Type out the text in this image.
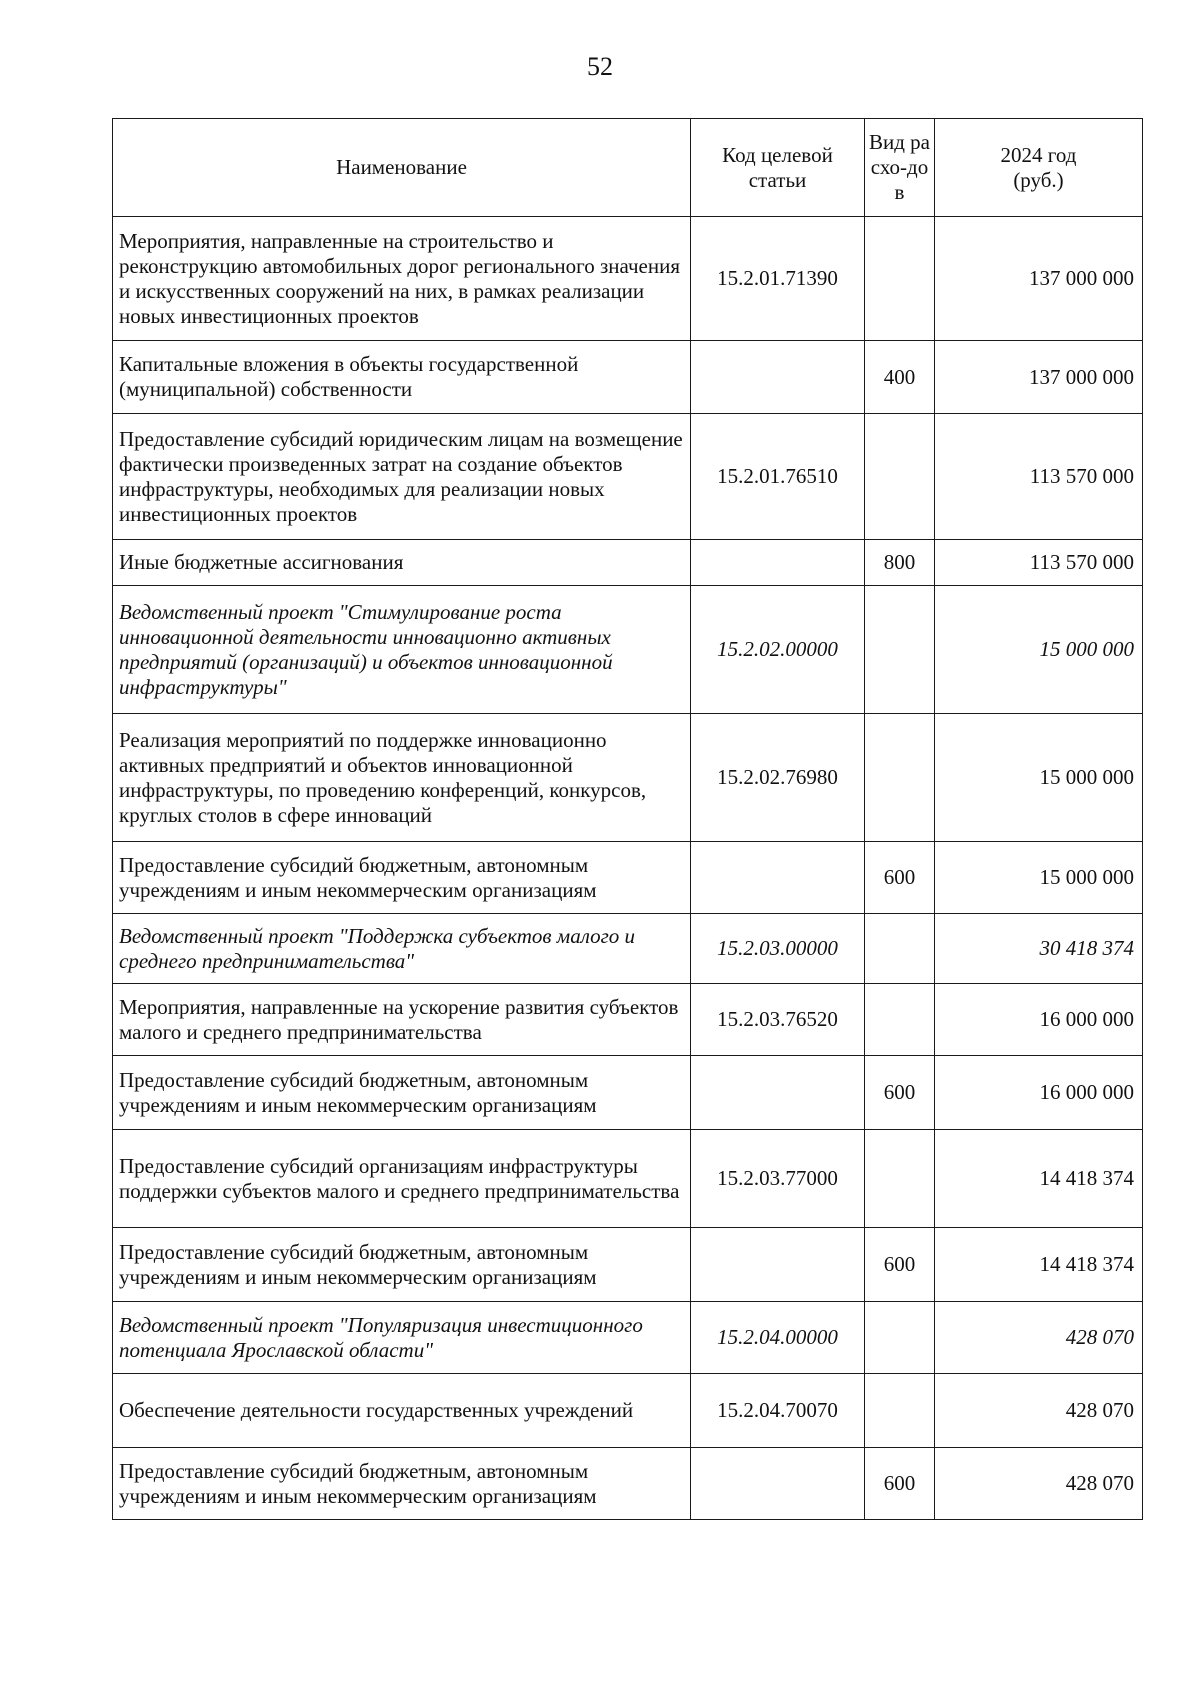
52
Наименование	Код целевой статьи	Вид расхо-дов	2024 год (руб.)
Мероприятия, направленные на строительство и реконструкцию автомобильных дорог регионального значения и искусственных сооружений на них, в рамках реализации новых инвестиционных проектов	15.2.01.71390		137 000 000
Капитальные вложения в объекты государственной (муниципальной) собственности		400	137 000 000
Предоставление субсидий юридическим лицам на возмещение фактически произведенных затрат на создание объектов инфраструктуры, необходимых для реализации новых инвестиционных проектов	15.2.01.76510		113 570 000
Иные бюджетные ассигнования		800	113 570 000
Ведомственный проект "Стимулирование роста инновационной деятельности инновационно активных предприятий (организаций) и объектов инновационной инфраструктуры"	15.2.02.00000		15 000 000
Реализация мероприятий по поддержке инновационно активных предприятий и объектов инновационной инфраструктуры, по проведению конференций, конкурсов, круглых столов в сфере инноваций	15.2.02.76980		15 000 000
Предоставление субсидий бюджетным, автономным учреждениям и иным некоммерческим организациям		600	15 000 000
Ведомственный проект "Поддержка субъектов малого и среднего предпринимательства"	15.2.03.00000		30 418 374
Мероприятия, направленные на ускорение развития субъектов малого и среднего предпринимательства	15.2.03.76520		16 000 000
Предоставление субсидий бюджетным, автономным учреждениям и иным некоммерческим организациям		600	16 000 000
Предоставление субсидий организациям инфраструктуры поддержки субъектов малого и среднего предпринимательства	15.2.03.77000		14 418 374
Предоставление субсидий бюджетным, автономным учреждениям и иным некоммерческим организациям		600	14 418 374
Ведомственный проект "Популяризация инвестиционного потенциала Ярославской области"	15.2.04.00000		428 070
Обеспечение деятельности государственных учреждений	15.2.04.70070		428 070
Предоставление субсидий бюджетным, автономным учреждениям и иным некоммерческим организациям		600	428 070
